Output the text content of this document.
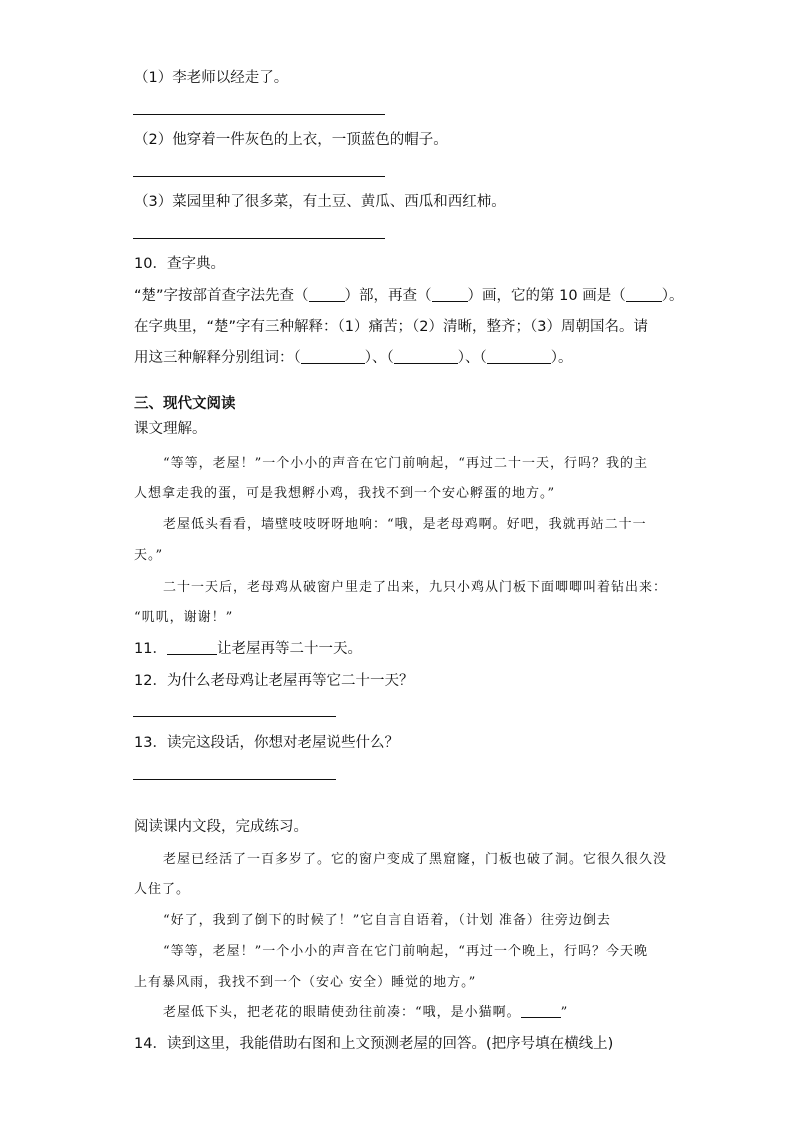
（1）李老师以经走了。
（2）他穿着一件灰色的上衣，一顶蓝色的帽子。
（3）菜园里种了很多菜，有土豆、黄瓜、西瓜和西红柿。
10．查字典。
“楚”字按部首查字法先查（ ）部，再查（ ）画，它的第 10 画是（ ）。
在字典里，“楚”字有三种解释：（1）痛苦；（2）清晰，整齐；（3）周朝国名。请
用这三种解释分别组词：（	）、（	）、（	）。
三、现代文阅读
课文理解。
“等等，老屋！”一个小小的声音在它门前响起，“再过二十一天，行吗？我的主
人想拿走我的蛋，可是我想孵小鸡，我找不到一个安心孵蛋的地方。”
老屋低头看看，墙壁吱吱呀呀地响：“哦，是老母鸡啊。好吧，我就再站二十一
天。”
二十一天后，老母鸡从破窗户里走了出来，九只小鸡从门板下面唧唧叫着钻出来：
“叽叽，谢谢！”
11．	让老屋再等二十一天。
12．为什么老母鸡让老屋再等它二十一天？
13．读完这段话，你想对老屋说些什么？
阅读课内文段，完成练习。
老屋已经活了一百多岁了。它的窗户变成了黑窟窿，门板也破了洞。它很久很久没
人住了。
“好了，我到了倒下的时候了！”它自言自语着，（计划 准备）往旁边倒去
“等等，老屋！”一个小小的声音在它门前响起，“再过一个晚上，行吗？今天晚
上有暴风雨，我找不到一个（安心 安全）睡觉的地方。”
老屋低下头，把老花的眼睛使劲往前凑：“哦，是小猫啊。	”
14．读到这里，我能借助右图和上文预测老屋的回答。(把序号填在横线上)
